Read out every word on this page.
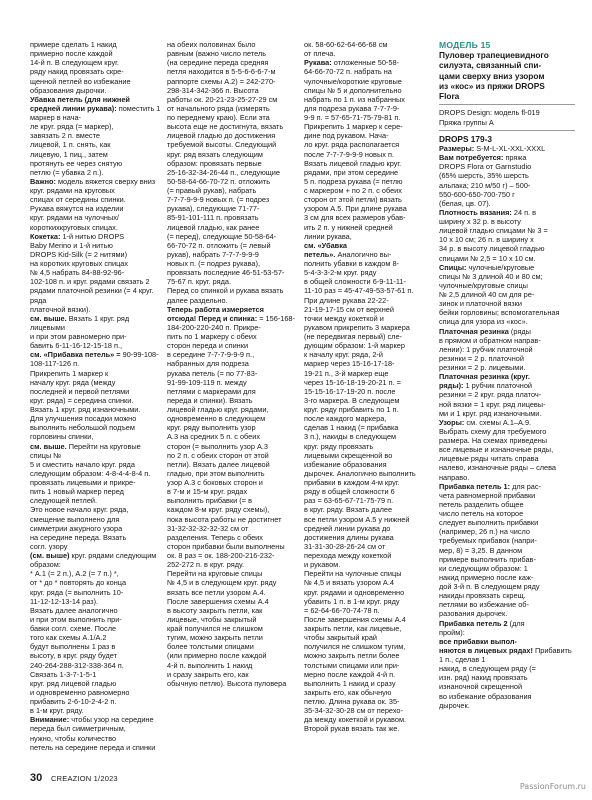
примере сделать 1 накид
примерно после каждой
14-й п. В следующем круг.
ряду накид провязать скре-
щенной петлей во избежание
образования дырочки.

Убавка петель (для нижней
средней линии рукава): поместить 1 маркер в нача-
ле круг. ряда (= маркер),
завязать 2 п. вместе
лицевой, 1 п. снять, как
лицевую, 1 пиц., затем
протянуть ее через снятую
петлю (= убавка 2 п.).

Важно: модель вяжется сверху вниз круг. рядами на круговых
спицах от середины спинки.
Рукава вяжутся на изделии
круг. рядами на чулочных/
короткихкруговых спицах.

Кокетка: 1-й нитью DROPS
Baby Merino и 1-й нитью
DROPS Kid-Silk (= 2 нитями)
на коротких круговых спицах
№ 4,5 набрать 84-88-92-96-
102-108 п. и круг. рядами связать 2
рядами платочной резинки (= 4 круг. ряда
платочной вязки).

см. выше. Вязать 1 круг. ряд лицевыми
и при этом равномерно при-
бавить 6-11-16-12-15-18 п.,

см. «Прибавка петель» = 90-99-108-108-117-126 п.
Прикрепить 1 маркер к
началу круг. ряда (между
последней и первой петлями
круг. ряда) = середина спинки.
Вязать 1 круг. ряд изнаночными.
Для улучшения посадки можно
выполнить небольшой подъем
горловины спинки,

см. выше. Перейти на круговые спицы №
5 и сместить начало круг. ряда
следующим образом: 4-8-4-4-8-4 п.
провязать лицевыми и прикре-
пить 1 новый маркер перед
следующей петлей.
Это новое начало круг. ряда,
смещение выполнено для
симметрии ажурного узора
на середине переда. Вязать
согл. узору

(см. выше) круг. рядами следующим образом:
* А.1 (= 2 п.), А.2 (= 7 п.) *,
от * до * повторять до конца
круг. ряда (= выполнить 10-
11-12-12-13-14 раз).
Вязать далее аналогично
и при этом выполнить при-
бавки согл. схеме. После
того как схемы А.1/А.2
будут выполнены 1 раз в
высоту, в круг. ряду будет
240-264-288-312-338-364 п.
Связать 1-3-7-1-5-1
круг. ряд лицевой гладью
и одновременно равномерно
прибавить 2-6-10-2-4-2 п.
в 1-м круг. ряду.

Внимание: чтобы узор на середине
переда был симметричным,
нужно, чтобы количество
петель на середине переда и спинки

на обеих половинах было
равным (важно число петель
(на середине переда средняя
петля находится в 5-5-6-6-6-7-м
раппорте схемы А.2) = 242-270-
298-314-342-366 п. Высота
работы ок. 20-21-23-25-27-29 см
от начального ряда (измерять
по переднему краю). Если эта
высота еще не достигнута, вязать
лицевой гладью до достижения
требуемой высоты. Следующий
круг. ряд вязать следующим
образом: провязать первые
25-16-32-34-26-44 п., следующие
50-58-64-66-70-72 п. отложить
(= правый рукав), набрать
7-7-7-9-9-9 новых п. (= подрез
рукава), следующие 71-77-
85-91-101-111 п. провязать
лицевой гладью, как ранее
(= перед), следующие 50-58-64-
66-70-72 п. отложить (= левый
рукав), набрать 7-7-7-9-9-9
новых п. (= подрез рукава),
провязать последние 46-51-53-57-
75-67 п. круг. ряда.
Перед со спинкой и рукава вязать
далее раздельно.

Теперь работа измеряется
отсюда! Перед и спинка: = 156-168-
184-200-220-240 п. Прикре-
пить по 1 маркеру с обеих
сторон переда и спинки
в середине 7-7-7-9-9-9 п.,
набранных для подреза
рукава петель (= по 77-83-
91-99-109-119 п. между
петлями с маркерами для
переда и спинки). Вязать
лицевой гладью круг. рядами,
одновременно в следующем
круг. ряду выполнить узор
А.3 на средних 5 п. с обеих
сторон (= выполнить узор А.3
по 2 п. с обеих сторон от этой
петли). Вязать далее лицевой
гладью, при этом выполнить
узор А.3 с боковых сторон и
в 7-м и 15-м круг. рядах
выполнить прибавки (= в
каждом 8-м круг. ряду схемы),
пока высота работы не достигнет
31-32-32-32-32-32 см от
разделения. Теперь с обеих
сторон прибавки были выполнены
ок. 8 раз = ок. 188-200-216-232-
252-272 п. в круг. ряду.
Перейти на круговые спицы
№ 4,5 и в следующем круг. ряду
вязать все петли узором А.4.
После завершения схемы А.4
в высоту закрыть петли, как
лицевые, чтобы закрытый
край получился не слишком
тугим, можно закрыть петли
более толстыми спицами
(или примерно после каждой
4-й п. выполнить 1 накид
и сразу закрыть его, как
обычную петлю). Высота пуловера

ок. 58-60-62-64-66-68 см
от плеча.

Рукава: отложенные 50-58-
64-66-70-72 п. набрать на
чулочные/короткие круговые
спицы № 5 и дополнительно
набрать по 1 п. из набранных
для подреза рукава 7-7-7-9-
9-9 п. = 57-65-71-75-79-81 п.
Прикрепить 1 маркер к сере-
дине под рукавом. Нача-
ло круг. ряда располагается
после 7-7-7-9-9-9 новых п.
Вязать лицевой гладью круг.
рядами, при этом середине
5 п. подреза рукава (= петлю
с маркером + по 2 п. с обеих
сторон от этой петли) вязать
узором А.5. При длине рукава
3 см для всех размеров убав-
ить 2 п. у нижней средней
линии рукава,

см. «Убавка
петель». Аналогично вы-
полнить убавки в каждом 8-
5-4-3-3-2-м круг. ряду
в общей сложности 6-9-11-11-
11-10 раз = 45-47-49-53-57-61 п.
При длине рукава 22-22-
21-19-17-15 см от верхней
точки между кокеткой и
рукавом прикрепить 3 маркера
(не передвигая первый) сле-
дующим образом: 1-й маркер
к началу круг. ряда, 2-й
маркер через 15-16-17-18-
19-21 п., 3-й маркер еще
через 15-16-18-19-20-21 п. =
15-15-16-17-19-20 п. после
3-го маркера. В следующем
круг. ряду прибавить по 1 п.
после каждого маркера,
сделав 1 накид (= прибавка
3 п.), накиды в следующем
круг. ряду провязать
лицевыми скрещенной во
избежание образования
дырочек. Аналогично выполнить
прибавки в каждом 4-м круг.
ряду в общей сложности 6
раз = 63-65-67-71-75-79 п.
в круг. ряду. Вязать далее
все петли узором А.5 у нижней
средней линии рукава до
достижения длины рукава
31-31-30-28-26-24 см от
перехода между кокеткой
и рукавом.
Перейти на чулочные спицы
№ 4,5 и вязать узором А.4
круг. рядами и одновременно
убавить 1 п. в 1-м круг. ряду
= 62-64-66-70-74-78 п.
После завершения схемы А.4
закрыть петли, как лицевые,
чтобы закрытый край
получился не слишком тугим,
можно закрыть петли более
толстыми спицами или при-
мерно после каждой 4-й п.
выполнить 1 накид и сразу
закрыть его, как обычную
петлю. Длина рукава ок. 35-
35-34-32-30-28 см от перехо-
да между кокеткой и рукавом.
Второй рукав вязать так же.

МОДЕЛЬ 15
Пуловер трапециевидного
силуэта, связанный спи-
цами сверху вниз узором
из «кос» из пряжи DROPS
Flora
DROPS Design: модель fl-019
Пряжа группы А
DROPS 179-3

Размеры: S-M-L-XL-XXL-XXXL

Вам потребуется: пряжа
DROPS Flora от Garnstudio
(65% шерсть, 35% шерсть
альпака; 210 м/50 г) – 500-
550-600-650-700-750 г
(белая, цв. 07).

Плотность вязания: 24 п. в
ширину х 32 р. в высоту
лицевой гладью спицами № 3 =
10 х 10 см; 26 п. в ширину х
34 р. в высоту лицевой гладью
спицами № 2,5 = 10 х 10 см.

Спицы: чулочные/круговые
спицы № 3 длиной 40 и 80 см;
чулочные/круговые спицы
№ 2,5 длиной 40 см для ре-
зинок и платочной вязки
бейки горловины; вспомогательная
спица для узора из «кос».

Платочная резинка (ряды
в прямом и обратном направ-
лении): 1 рубчик платочной
резинки = 2 р. платочной
резинки = 2 р. лицевыми.

Платочная резинка (круг.
ряды): 1 рубчик платочной
резинки = 2 круг. ряда платоч-
ной вязки = 1 круг. ряд лицевы-
ми и 1 круг. ряд изнаночными.

Узоры: см. схемы А.1–А.9.
Выбрать схему для требуемого
размера. На схемах приведены
все лицевые и изнаночные ряды,
лицевые ряды читать справа
налево, изнаночные ряды – слева
направо.

Прибавка петель 1: для рас-
чета равномерной прибавки
петель разделить общее
число петель на которое
следует выполнить прибавки
(например, 26 п.) на число
требуемых прибавок (напри-
мер, 8) = 3,25. В данном
примере выполнить прибав-
ки следующим образом: 1
накид примерно после каж-
дой 3-й п. В следующем ряду
накиды провязать скрещ.
петлями во избежание об-
разования дырочек.

Прибавка петель 2 (для
пройм):

все прибавки выпол-
няются в лицевых рядах! Прибавить 1 п., сделав 1
накид, в следующем ряду (=
изн. ряд) накид провязать
изнаночной скрещенной
во избежание образования
дырочек.

30 CREAZION 1/2023
PassionForum.ru
